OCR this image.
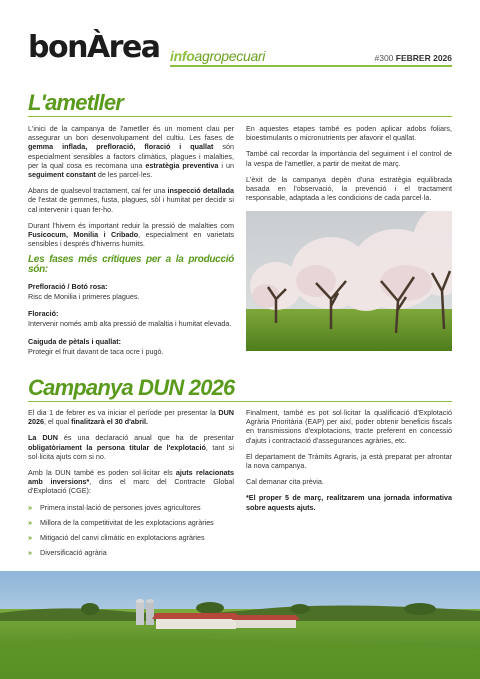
bonÀrea infoagropecuari	#300 FEBRER 2026
L'ametller

L'inici de la campanya de l'ametller és un moment clau per assegurar un bon desenvolupament del cultiu. Les fases de gemma inflada, prefloració, floració i quallat són especialment sensibles a factors climàtics, plagues i malalties, per la qual cosa es recomana una estratègia preventiva i un seguiment constant de les parcel·les.

Abans de qualsevol tractament, cal fer una inspecció detallada de l'estat de gemmes, fusta, plagues, sòl i humitat per decidir si cal intervenir i quan fer-ho.

Durant l'hivern és important reduir la pressió de malalties com Fusicocum, Monilia i Cribado, especialment en varietats sensibles i després d'hiverns humits.

Les fases més crítiques per a la producció són:
Prefloració / Botó rosa:
Risc de Monilia i primeres plagues.
Floració:
Intervenir només amb alta pressió de malaltia i humitat elevada.
Caiguda de pètals i quallat:
Protegir el fruit davant de taca ocre i pugó.

En aquestes etapes també es poden aplicar adobs foliars, bioestimulants o micronutrients per afavorir el quallat.

També cal recordar la importància del seguiment i el control de la vespa de l'ametller, a partir de meitat de març.

L'èxit de la campanya depèn d'una estratègia equilibrada basada en l'observació, la prevenció i el tractament responsable, adaptada a les condicions de cada parcel·la.

Campanya DUN 2026

El dia 1 de febrer es va iniciar el període per presentar la DUN 2026, el qual finalitzarà el 30 d'abril.

La DUN és una declaració anual que ha de presentar obligatòriament la persona titular de l'explotació, tant si sol·licita ajuts com si no.

Amb la DUN també es poden sol·licitar els ajuts relacionats amb inversions*, dins el marc del Contracte Global d'Explotació (CGE):

» Primera instal·lació de persones joves agricultores
» Millora de la competitivitat de les explotacions agràries
» Mitigació del canvi climàtic en explotacions agràries
» Diversificació agrària

Finalment, també es pot sol·licitar la qualificació d'Explotació Agrària Prioritària (EAP) per així, poder obtenir beneficis fiscals en transmissions d'explotacions, tracte preferent en concessió d'ajuts i contractació d'assegurances agràries, etc.

El departament de Tràmits Agraris, ja està preparat per afrontar la nova campanya.

Cal demanar cita prèvia.

*El proper 5 de març, realitzarem una jornada informativa sobre aquests ajuts.
